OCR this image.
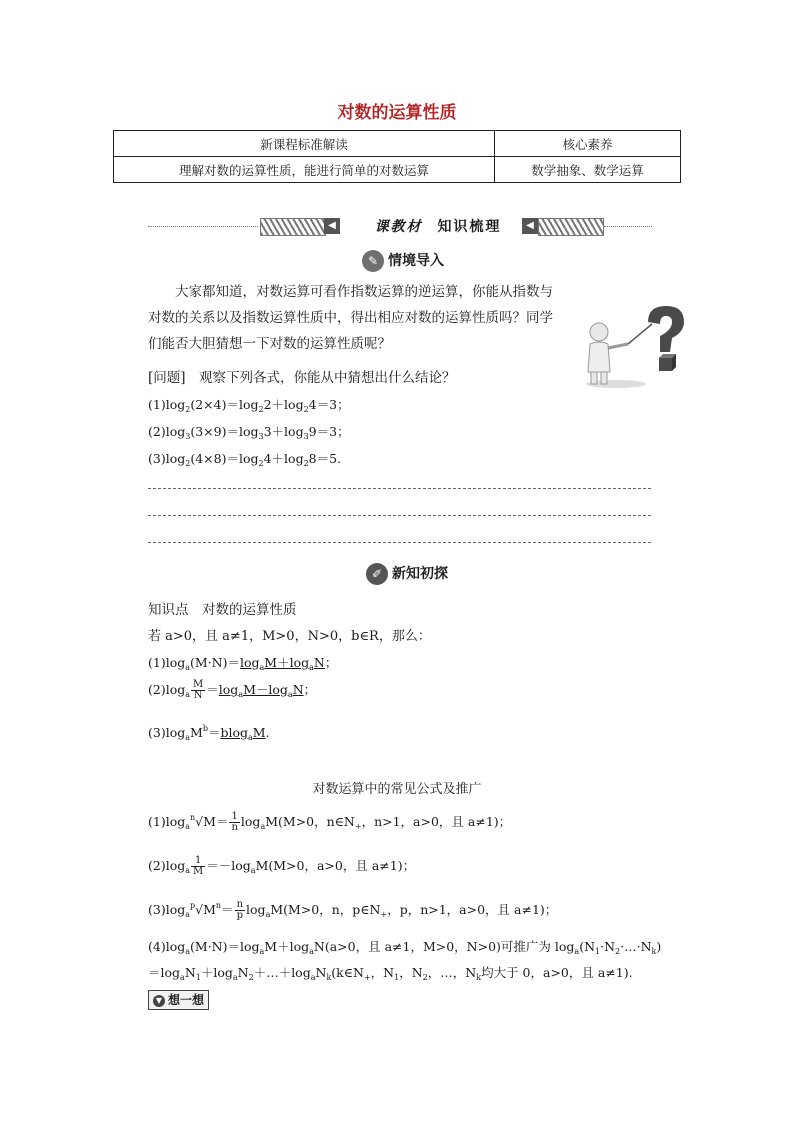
对数的运算性质
新课程标准解读	核心素养
理解对数的运算性质，能进行简单的对数运算	数学抽象、数学运算
◀	课教材 知识梳理	◀
✎ 情境导入
大家都知道，对数运算可看作指数运算的逆运算，你能从指数与对数的关系以及指数运算性质中，得出相应对数的运算性质吗？同学们能否大胆猜想一下对数的运算性质呢？
[问题]　 观察下列各式，你能从中猜想出什么结论？
$(1)\log_2(2\times 4)=\log_22+\log_24=3$；
$(2)\log_3(3\times 9)=\log_33+\log_39=3$；
$(3)\log_2(4\times 8)=\log_24+\log_28=5$.
✐ 新知初探
知识点　对数的运算性质
若 a>0，且 a≠1，M>0，N>0，b∈R，那么：
$(1)\log_a(M\cdot N)=\log_aM+\log_aN$；
$(2)\log_a \frac{M}{N} =\log_aM-\log_aN$；
$(3)\log_aM^b=blog_aM$.
对数运算中的常见公式及推广
$(1)\log_a^n√M= \frac{1}{n} \log_aM(M>0$，$n\in N_+$，n>1，a>0，且 a≠1)；
$(2)\log_a \frac{1}{M} =-\log_aM(M>0$，a>0，且 a≠1)；
$(3)\log_a^p√M^n= \frac{n}{p} \log_aM(M>0$，n，$p\in N_+$，p，n>1，a>0，且 a≠1)；
$(4)\log_a(M\cdot N)=\log_aM+\log_aN(a>0$，且 a≠1，M>0，N>0)可推广为 $\log_a(N_1\cdot N_2\cdot\dots\cdot N_k)$
$=\log_aN_1+\log_aN_2+\dots+\log_aN_k(k\in N_+$，$N_1$，$N_2$，…，$N_k$均大于 0，a>0，且 a≠1).
▼ 想一想
